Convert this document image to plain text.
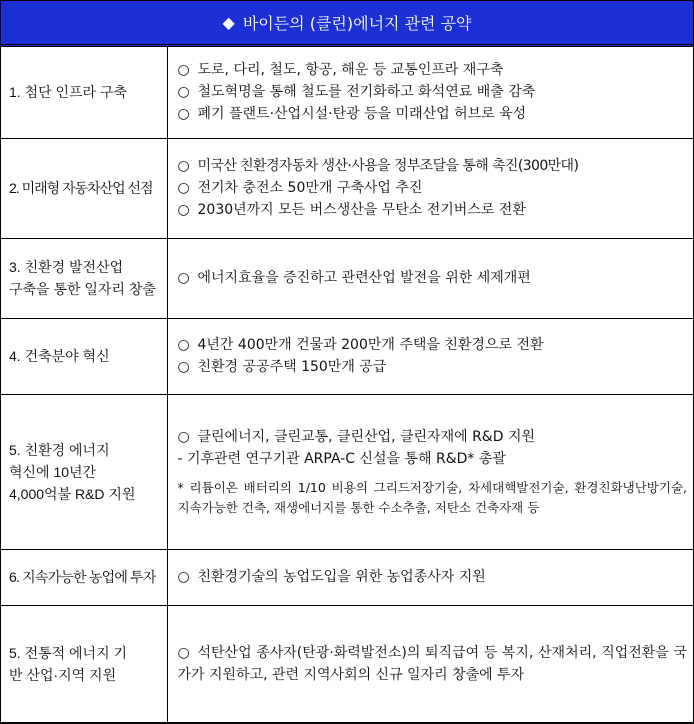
◆ 바이든의 (클린)에너지 관련 공약
1. 첨단 인프라 구축	○ 도로, 다리, 철도, 항공, 해운 등 교통인프라 재구축
○ 철도혁명을 통해 철도를 전기화하고 화석연료 배출 감축
○ 폐기 플랜트·산업시설·탄광 등을 미래산업 허브로 육성

2. 미래형 자동차산업 선점	○ 미국산 친환경자동차 생산·사용을 정부조달을 통해 촉진(300만대)
○ 전기차 충전소 50만개 구축사업 추진
○ 2030년까지 모든 버스생산을 무탄소 전기버스로 전환

3. 친환경 발전산업
구축을 통한 일자리 창출	○ 에너지효율을 증진하고 관련산업 발전을 위한 세제개편

4. 건축분야 혁신	○ 4년간 400만개 건물과 200만개 주택을 친환경으로 전환
○ 친환경 공공주택 150만개 공급

5. 친환경 에너지
혁신에 10년간
4,000억불 R&D 지원	○ 클린에너지, 클린교통, 클린산업, 클린자재에 R&D 지원
- 기후관련 연구기관 ARPA-C 신설을 통해 R&D* 총괄
* 리튬이온 배터리의 1/10 비용의 그리드저장기술, 차세대핵발전기술, 환경친화냉난방기술, 지속가능한 건축, 재생에너지를 통한 수소추출, 저탄소 건축자재 등

6. 지속가능한 농업에 투자	○ 친환경기술의 농업도입을 위한 농업종사자 지원

5. 전통적 에너지 기
반 산업·지역 지원	○ 석탄산업 종사자(탄광·화력발전소)의 퇴직급여 등 복지, 산재처리, 직업전환을 국가가 지원하고, 관련 지역사회의 신규 일자리 창출에 투자
